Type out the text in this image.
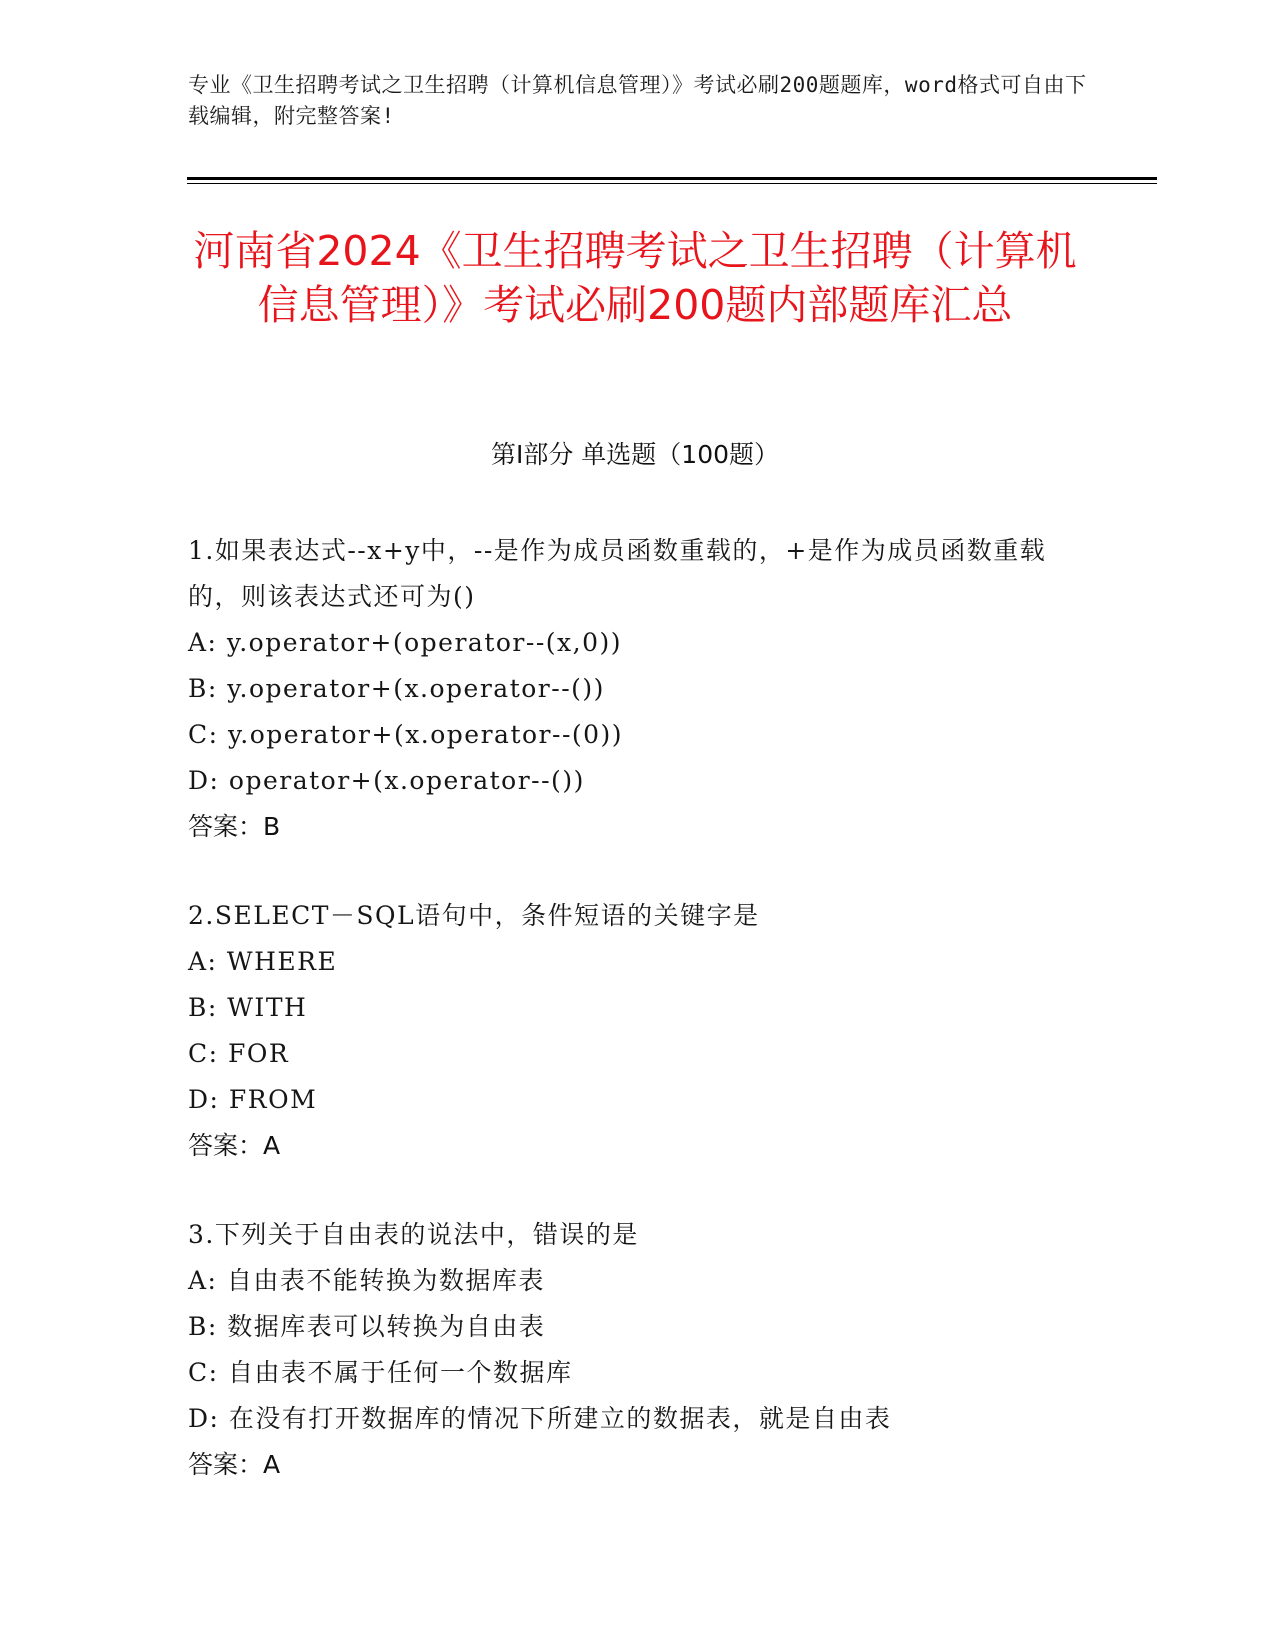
专业《卫生招聘考试之卫生招聘（计算机信息管理）》考试必刷200题题库，word格式可自由下载编辑，附完整答案!
河南省2024《卫生招聘考试之卫生招聘（计算机信息管理）》考试必刷200题内部题库汇总
第I部分 单选题（100题）
1.如果表达式--x+y中，--是作为成员函数重载的，+是作为成员函数重载的，则该表达式还可为()
A: y.operator+(operator--(x,0))
B: y.operator+(x.operator--())
C: y.operator+(x.operator--(0))
D: operator+(x.operator--())
答案：B
2.SELECT－SQL语句中，条件短语的关键字是
A: WHERE
B: WITH
C: FOR
D: FROM
答案：A
3.下列关于自由表的说法中，错误的是
A: 自由表不能转换为数据库表
B: 数据库表可以转换为自由表
C: 自由表不属于任何一个数据库
D: 在没有打开数据库的情况下所建立的数据表，就是自由表
答案：A
